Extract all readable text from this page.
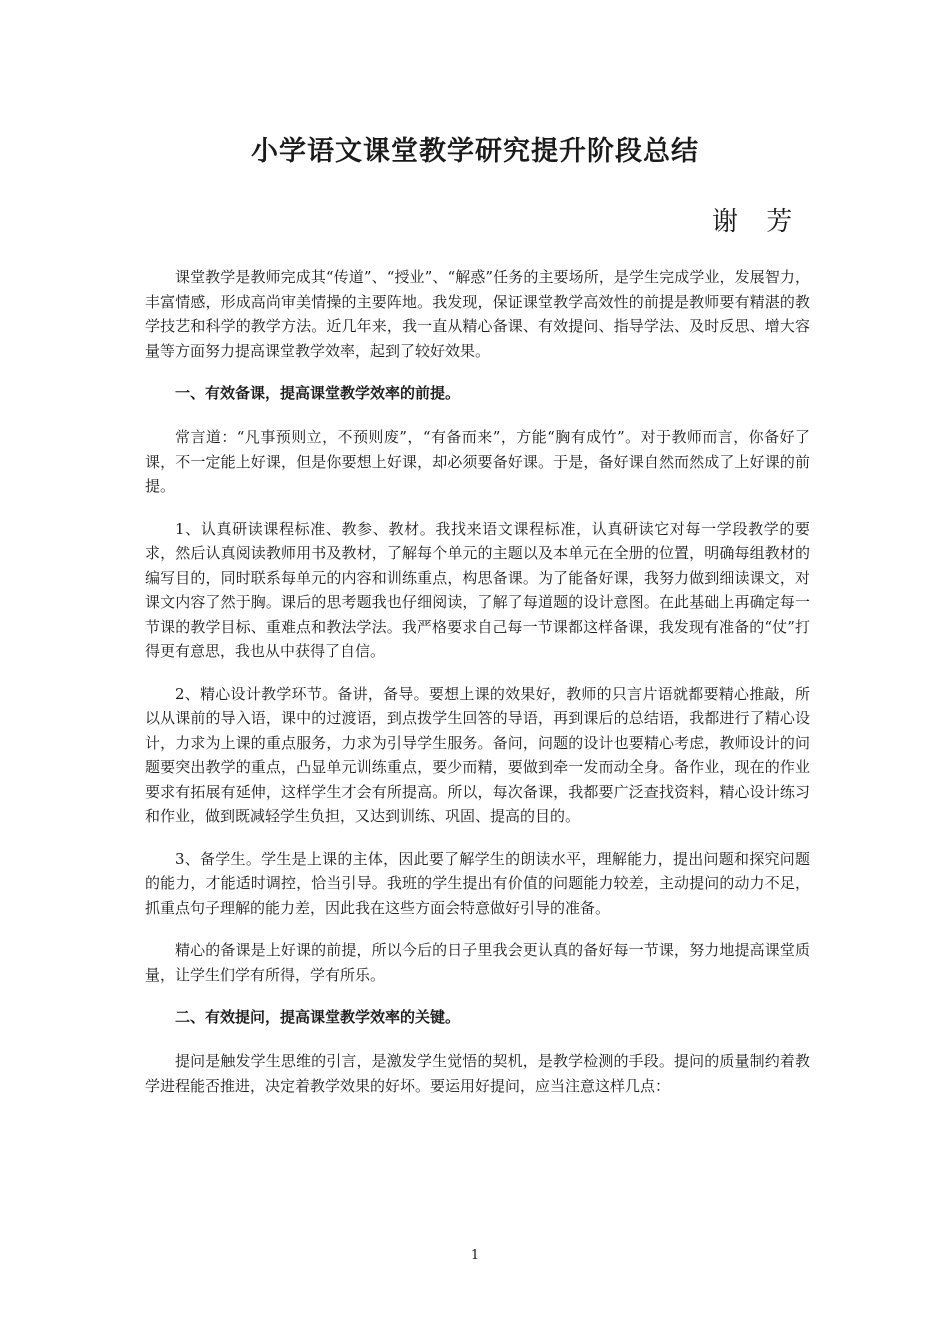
小学语文课堂教学研究提升阶段总结
谢 芳

课堂教学是教师完成其“传道”、“授业”、“解惑”任务的主要场所，是学生完成学业，发展智力，丰富情感，形成高尚审美情操的主要阵地。我发现，保证课堂教学高效性的前提是教师要有精湛的教学技艺和科学的教学方法。近几年来，我一直从精心备课、有效提问、指导学法、及时反思、增大容量等方面努力提高课堂教学效率，起到了较好效果。

一、有效备课，提高课堂教学效率的前提。

常言道：“凡事预则立，不预则废”，“有备而来”，方能“胸有成竹”。对于教师而言，你备好了课，不一定能上好课，但是你要想上好课，却必须要备好课。于是，备好课自然而然成了上好课的前提。

1、认真研读课程标准、教参、教材。我找来语文课程标准，认真研读它对每一学段教学的要求，然后认真阅读教师用书及教材，了解每个单元的主题以及本单元在全册的位置，明确每组教材的编写目的，同时联系每单元的内容和训练重点，构思备课。为了能备好课，我努力做到细读课文，对课文内容了然于胸。课后的思考题我也仔细阅读，了解了每道题的设计意图。在此基础上再确定每一节课的教学目标、重难点和教法学法。我严格要求自己每一节课都这样备课，我发现有准备的“仗”打得更有意思，我也从中获得了自信。

2、精心设计教学环节。备讲，备导。要想上课的效果好，教师的只言片语就都要精心推敲，所以从课前的导入语，课中的过渡语，到点拨学生回答的导语，再到课后的总结语，我都进行了精心设计，力求为上课的重点服务，力求为引导学生服务。备问，问题的设计也要精心考虑，教师设计的问题要突出教学的重点，凸显单元训练重点，要少而精，要做到牵一发而动全身。备作业，现在的作业要求有拓展有延伸，这样学生才会有所提高。所以，每次备课，我都要广泛查找资料，精心设计练习和作业，做到既减轻学生负担，又达到训练、巩固、提高的目的。

3、备学生。学生是上课的主体，因此要了解学生的朗读水平，理解能力，提出问题和探究问题的能力，才能适时调控，恰当引导。我班的学生提出有价值的问题能力较差，主动提问的动力不足，抓重点句子理解的能力差，因此我在这些方面会特意做好引导的准备。

精心的备课是上好课的前提，所以今后的日子里我会更认真的备好每一节课，努力地提高课堂质量，让学生们学有所得，学有所乐。

二、有效提问，提高课堂教学效率的关键。

提问是触发学生思维的引言，是激发学生觉悟的契机，是教学检测的手段。提问的质量制约着教学进程能否推进，决定着教学效果的好坏。要运用好提问，应当注意这样几点：

1
